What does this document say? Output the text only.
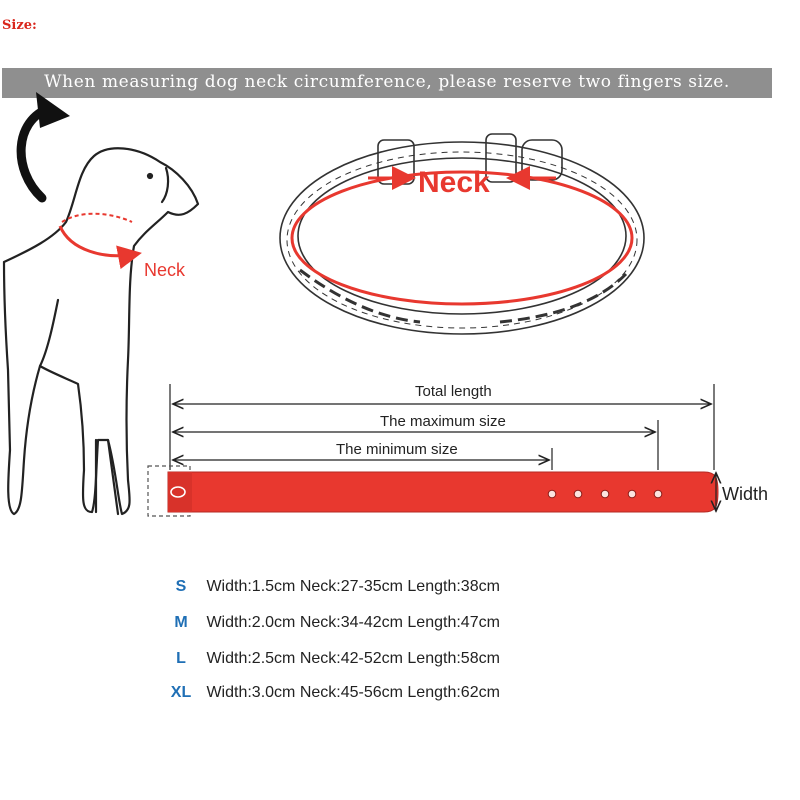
Size:
When measuring dog neck circumference, please reserve two fingers size.
Neck
Neck
Total length
The maximum size
The minimum size
Width
S Width:1.5cm Neck:27-35cm Length:38cm
M Width:2.0cm Neck:34-42cm Length:47cm
L Width:2.5cm Neck:42-52cm Length:58cm
XL Width:3.0cm Neck:45-56cm Length:62cm
